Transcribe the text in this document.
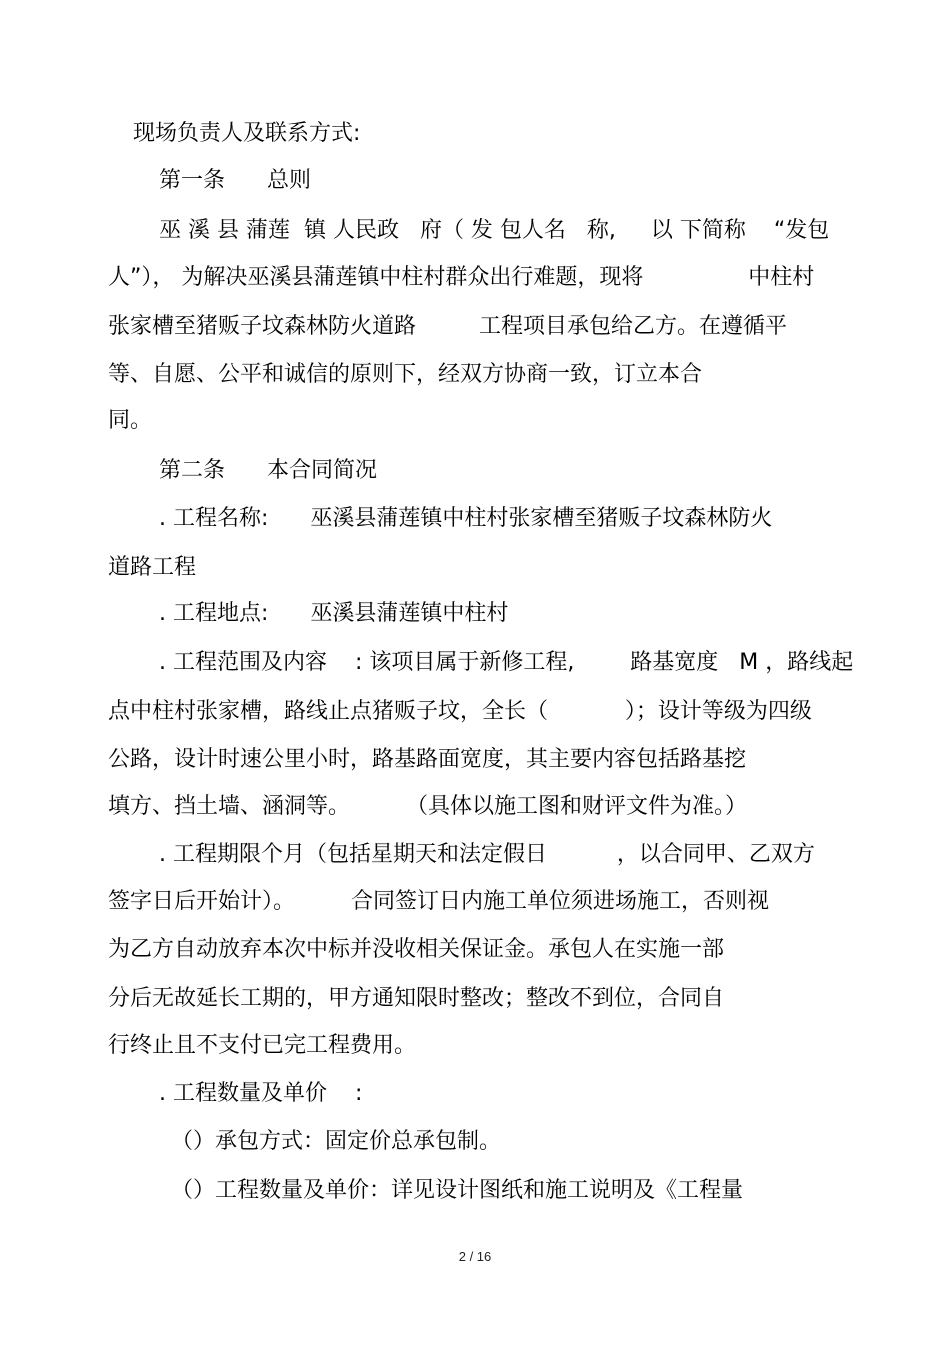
现场负责人及联系方式:
第一条      总则
巫 溪 县 蒲莲  镇 人民政   府（ 发 包人名   称,     以 下简称    “发包
人”）， 为解决巫溪县蒲莲镇中柱村群众出行难题，现将               中柱村
张家槽至猪贩子坟森林防火道路         工程项目承包给乙方。在遵循平
等、自愿、公平和诚信的原则下，经双方协商一致，订立本合
同。
第二条      本合同简况
. 工程名称:      巫溪县蒲莲镇中柱村张家槽至猪贩子坟森林防火
道路工程
. 工程地点:      巫溪县蒲莲镇中柱村
. 工程范围及内容    : 该项目属于新修工程,        路基宽度   M ，路线起
点中柱村张家槽，路线止点猪贩子坟，全长（           ）；设计等级为四级
公路，设计时速公里小时，路基路面宽度，其主要内容包括路基挖
填方、挡土墙、涵洞等。        （具体以施工图和财评文件为准。）
. 工程期限个月（包括星期天和法定假日          ，以合同甲、乙双方
签字日后开始计）。        合同签订日内施工单位须进场施工，否则视
为乙方自动放弃本次中标并没收相关保证金。承包人在实施一部
分后无故延长工期的，甲方通知限时整改；整改不到位，合同自
行终止且不支付已完工程费用。
. 工程数量及单价    :
（）承包方式：固定价总承包制。
（）工程数量及单价：详见设计图纸和施工说明及《工程量
2 / 16
